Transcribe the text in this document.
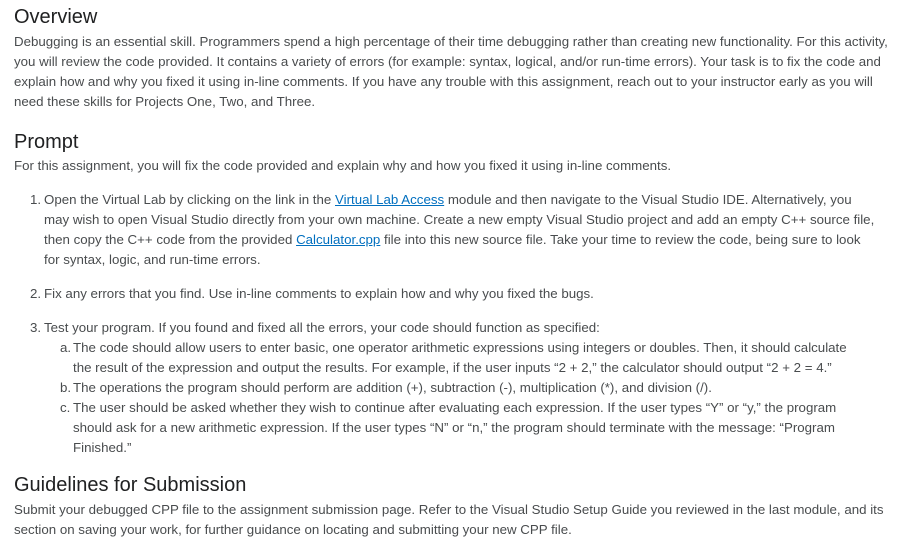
Overview

Debugging is an essential skill. Programmers spend a high percentage of their time debugging rather than creating new functionality. For this activity, you will review the code provided. It contains a variety of errors (for example: syntax, logical, and/or run-time errors). Your task is to fix the code and explain how and why you fixed it using in-line comments. If you have any trouble with this assignment, reach out to your instructor early as you will need these skills for Projects One, Two, and Three.

Prompt

For this assignment, you will fix the code provided and explain why and how you fixed it using in-line comments.

1. Open the Virtual Lab by clicking on the link in the Virtual Lab Access module and then navigate to the Visual Studio IDE. Alternatively, you may wish to open Visual Studio directly from your own machine. Create a new empty Visual Studio project and add an empty C++ source file, then copy the C++ code from the provided Calculator.cpp file into this new source file. Take your time to review the code, being sure to look for syntax, logic, and run-time errors.
2. Fix any errors that you find. Use in-line comments to explain how and why you fixed the bugs.
3. Test your program. If you found and fixed all the errors, your code should function as specified:
a. The code should allow users to enter basic, one operator arithmetic expressions using integers or doubles. Then, it should calculate the result of the expression and output the results. For example, if the user inputs “2 + 2,” the calculator should output “2 + 2 = 4.”
b. The operations the program should perform are addition (+), subtraction (-), multiplication (*), and division (/).
c. The user should be asked whether they wish to continue after evaluating each expression. If the user types “Y” or “y,” the program should ask for a new arithmetic expression. If the user types “N” or “n,” the program should terminate with the message: “Program Finished.”
Guidelines for Submission

Submit your debugged CPP file to the assignment submission page. Refer to the Visual Studio Setup Guide you reviewed in the last module, and its section on saving your work, for further guidance on locating and submitting your new CPP file.
